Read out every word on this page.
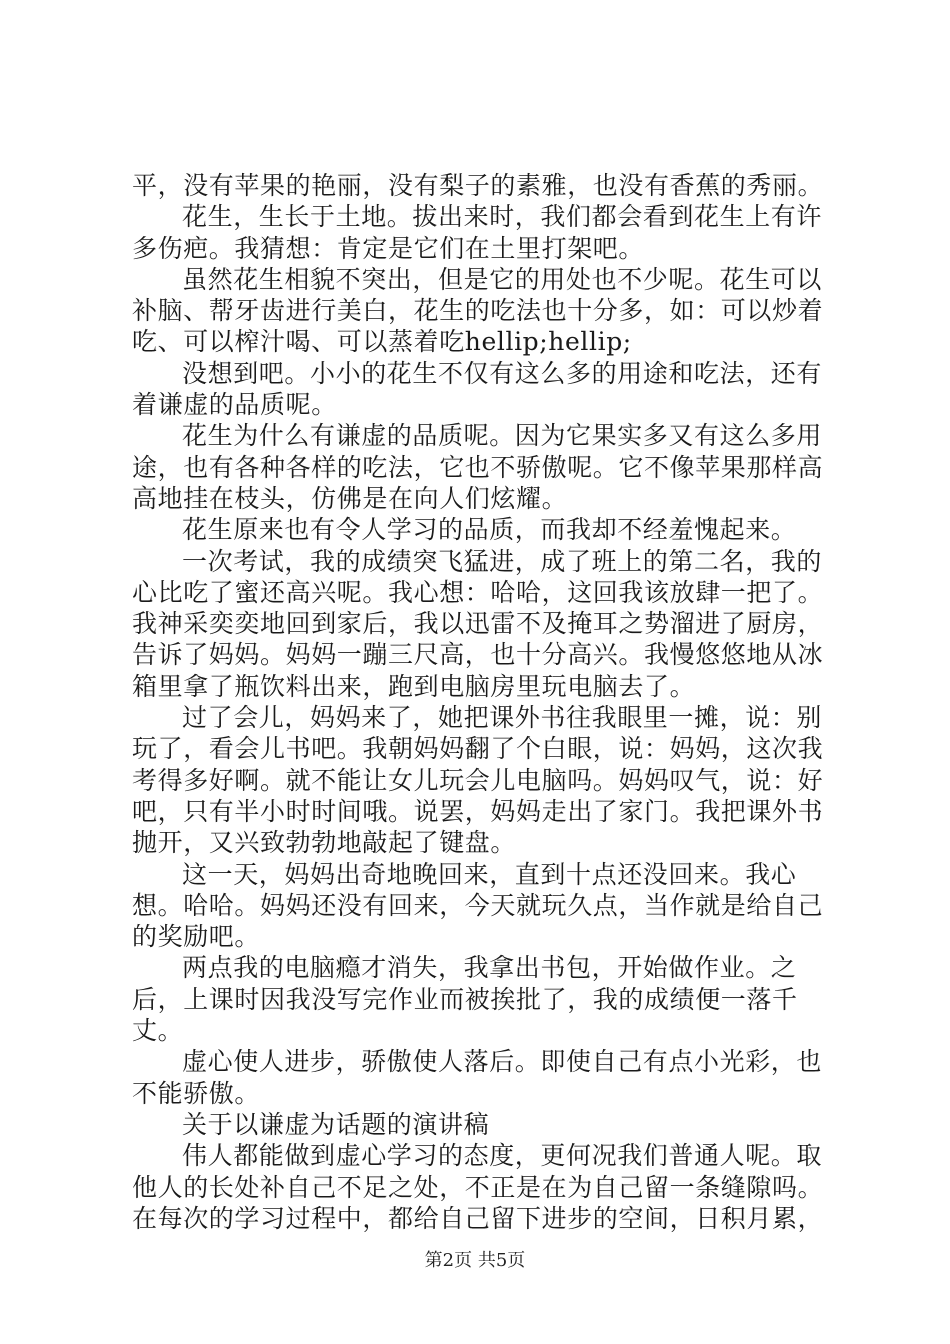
平，没有苹果的艳丽，没有梨子的素雅，也没有香蕉的秀丽。

花生，生长于土地。拔出来时，我们都会看到花生上有许多伤疤。我猜想：肯定是它们在土里打架吧。

虽然花生相貌不突出，但是它的用处也不少呢。花生可以补脑、帮牙齿进行美白，花生的吃法也十分多，如：可以炒着吃、可以榨汁喝、可以蒸着吃hellip;hellip;

没想到吧。小小的花生不仅有这么多的用途和吃法，还有着谦虚的品质呢。

花生为什么有谦虚的品质呢。因为它果实多又有这么多用途，也有各种各样的吃法，它也不骄傲呢。它不像苹果那样高高地挂在枝头，仿佛是在向人们炫耀。

花生原来也有令人学习的品质，而我却不经羞愧起来。

一次考试，我的成绩突飞猛进，成了班上的第二名，我的心比吃了蜜还高兴呢。我心想：哈哈，这回我该放肆一把了。我神采奕奕地回到家后，我以迅雷不及掩耳之势溜进了厨房，告诉了妈妈。妈妈一蹦三尺高，也十分高兴。我慢悠悠地从冰箱里拿了瓶饮料出来，跑到电脑房里玩电脑去了。

过了会儿，妈妈来了，她把课外书往我眼里一摊，说：别玩了，看会儿书吧。我朝妈妈翻了个白眼，说：妈妈，这次我考得多好啊。就不能让女儿玩会儿电脑吗。妈妈叹气，说：好吧，只有半小时时间哦。说罢，妈妈走出了家门。我把课外书抛开，又兴致勃勃地敲起了键盘。

这一天，妈妈出奇地晚回来，直到十点还没回来。我心想。哈哈。妈妈还没有回来，今天就玩久点，当作就是给自己的奖励吧。

两点我的电脑瘾才消失，我拿出书包，开始做作业。之后，上课时因我没写完作业而被挨批了，我的成绩便一落千丈。

虚心使人进步，骄傲使人落后。即使自己有点小光彩，也不能骄傲。

关于以谦虚为话题的演讲稿

伟人都能做到虚心学习的态度，更何况我们普通人呢。取他人的长处补自己不足之处，不正是在为自己留一条缝隙吗。在每次的学习过程中，都给自己留下进步的空间，日积月累，

第2页 共5页
